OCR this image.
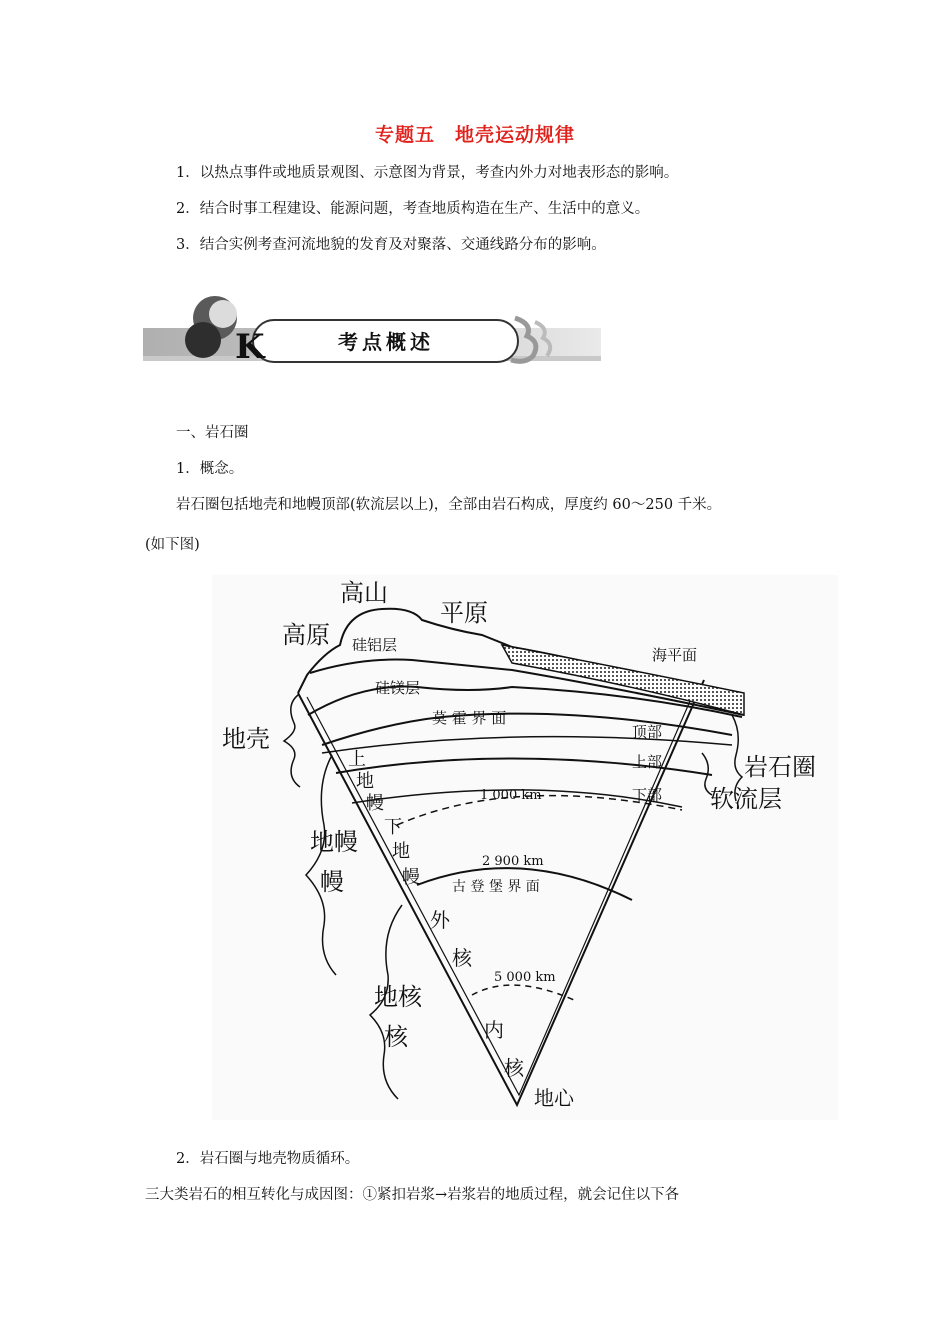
专题五　地壳运动规律
1．以热点事件或地质景观图、示意图为背景，考查内外力对地表形态的影响。
2．结合时事工程建设、能源问题，考查地质构造在生产、生活中的意义。
3．结合实例考查河流地貌的发育及对聚落、交通线路分布的影响。
K	考点概述
一、岩石圈
1．概念。
岩石圈包括地壳和地幔顶部(软流层以上)，全部由岩石构成，厚度约 60～250 千米。
(如下图)
高山
平原
高原
地壳
岩石圈
软流层
地幔
地核
硅铝层
硅镁层
海平面
莫 霍 界 面
顶部
上部
下部
上
地
幔
下
地
幔
幔
核
2 900 km
古 登 堡 界 面
1 000 km
5 000 km
外
核
内
核
地心
2．岩石圈与地壳物质循环。
三大类岩石的相互转化与成因图：①紧扣岩浆→岩浆岩的地质过程，就会记住以下各
